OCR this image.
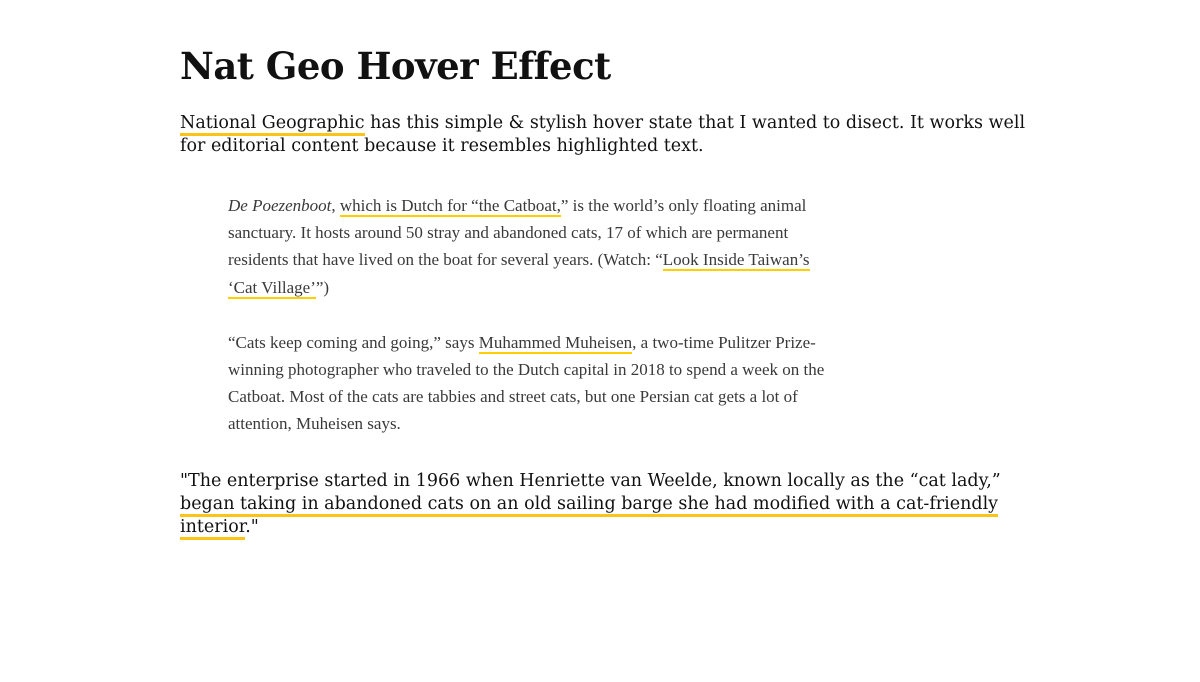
Nat Geo Hover Effect

National Geographic has this simple & stylish hover state that I wanted to disect. It works well for editorial content because it resembles highlighted text.

De Poezenboot, which is Dutch for “the Catboat,” is the world’s only floating animal sanctuary. It hosts around 50 stray and abandoned cats, 17 of which are permanent residents that have lived on the boat for several years. (Watch: “Look Inside Taiwan’s ‘Cat Village’”)

“Cats keep coming and going,” says Muhammed Muheisen, a two-time Pulitzer Prize-winning photographer who traveled to the Dutch capital in 2018 to spend a week on the Catboat. Most of the cats are tabbies and street cats, but one Persian cat gets a lot of attention, Muheisen says.

"The enterprise started in 1966 when Henriette van Weelde, known locally as the “cat lady,” began taking in abandoned cats on an old sailing barge she had modified with a cat-friendly interior."
